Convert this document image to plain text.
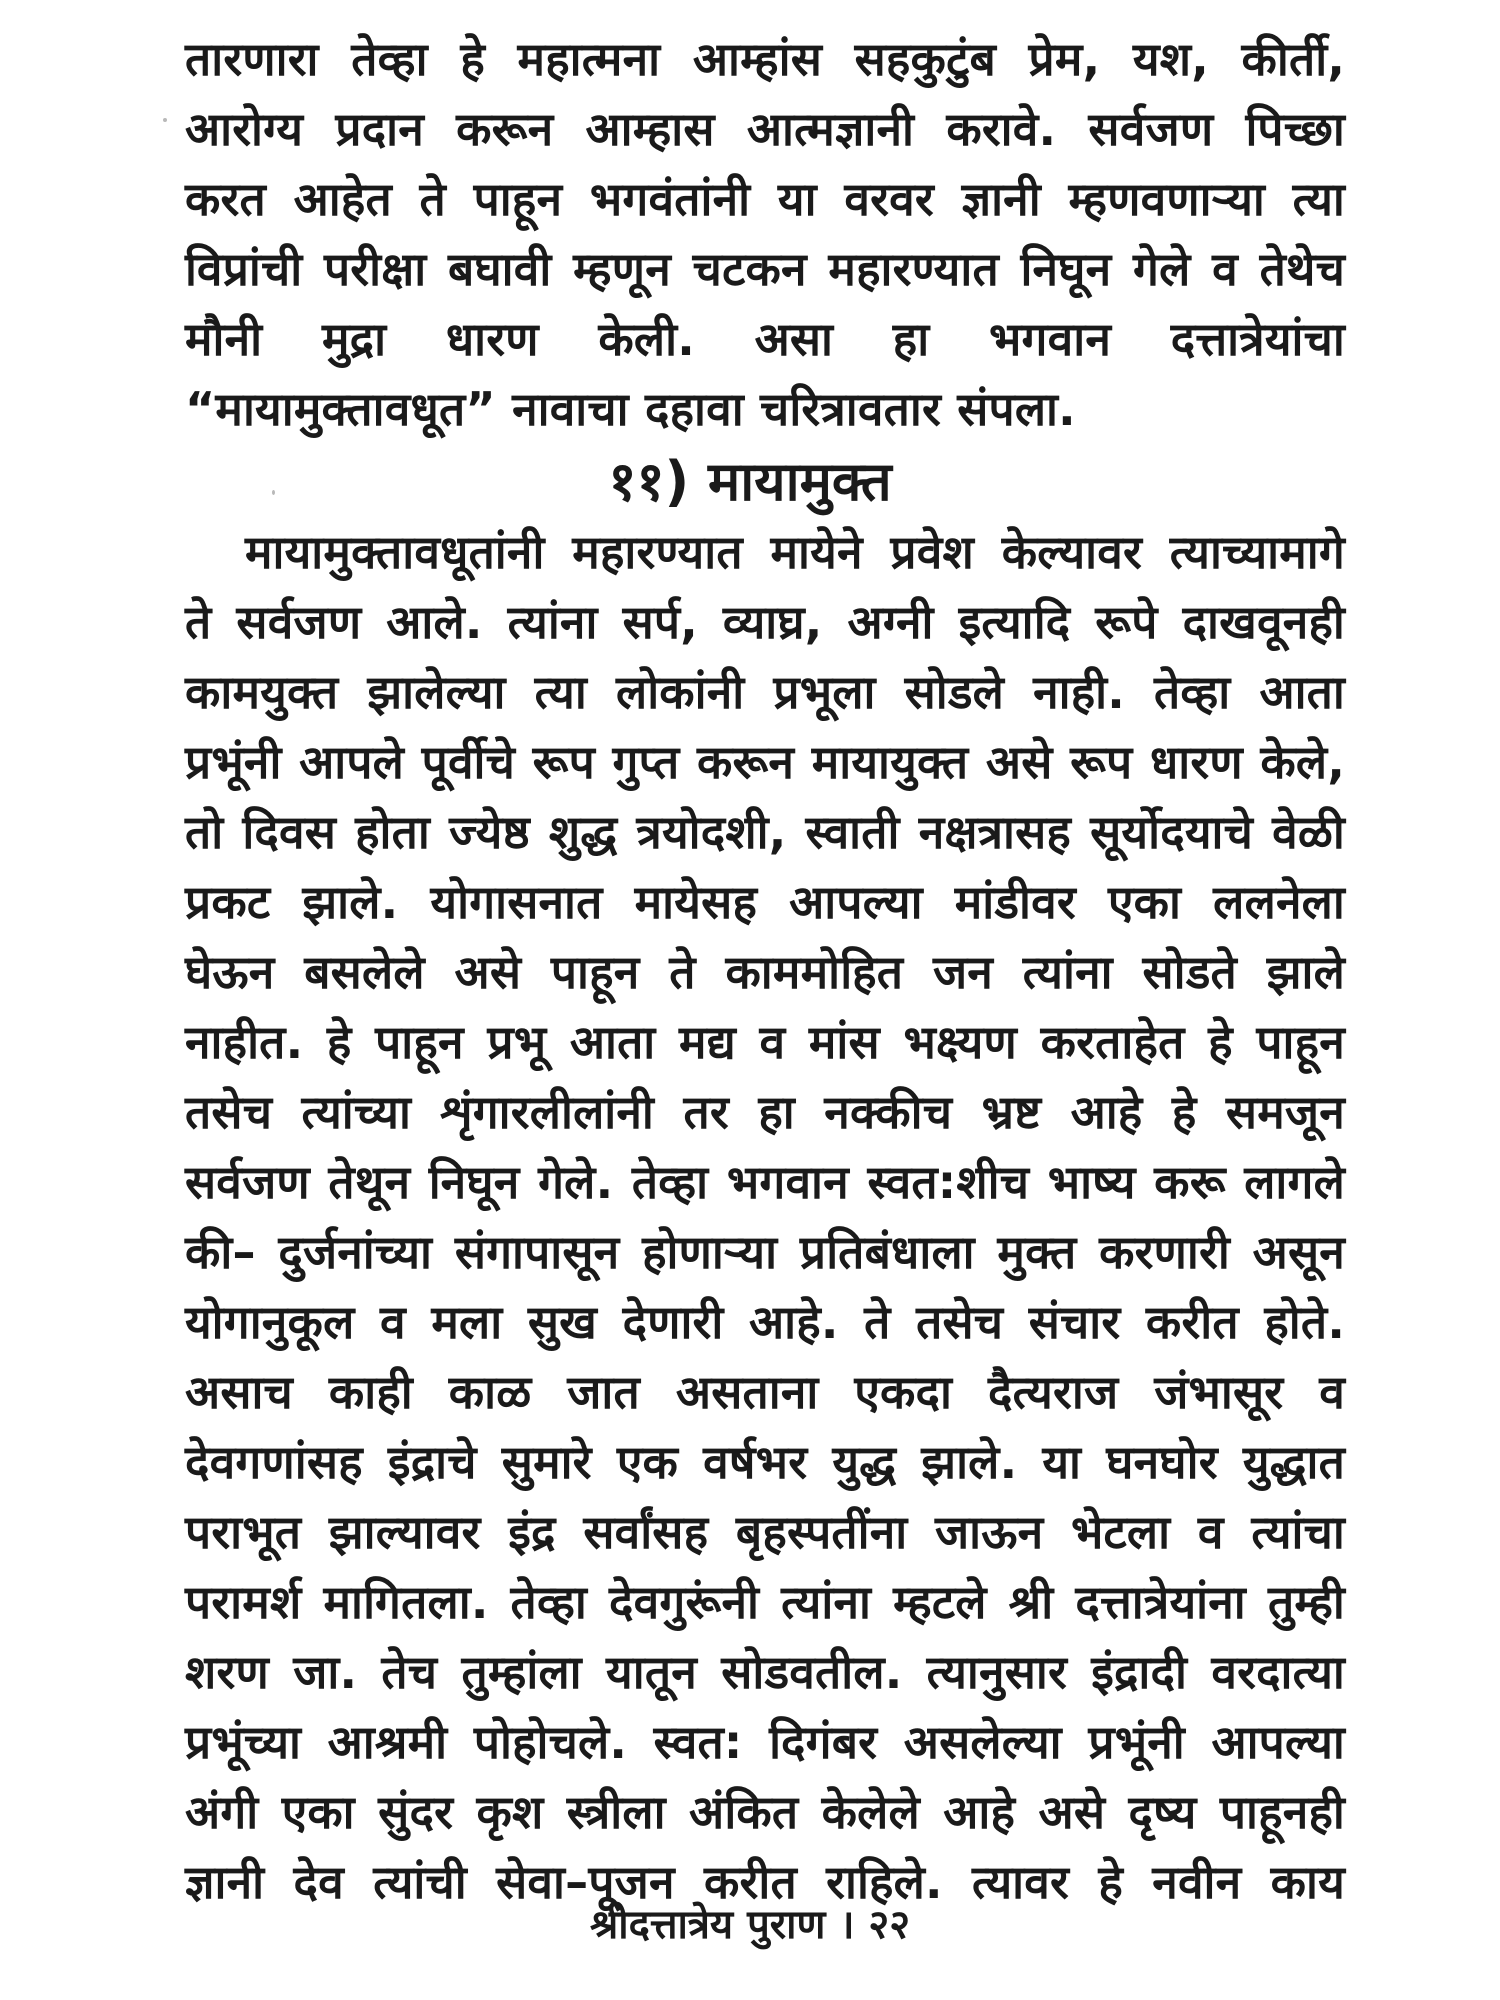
तारणारा तेव्हा हे महात्मना आम्हांस सहकुटुंब प्रेम, यश, कीर्ती,
आरोग्य प्रदान करून आम्हास आत्मज्ञानी करावे. सर्वजण पिच्छा
करत आहेत ते पाहून भगवंतांनी या वरवर ज्ञानी म्हणवणाऱ्या त्या
विप्रांची परीक्षा बघावी म्हणून चटकन महारण्यात निघून गेले व तेथेच
मौनी मुद्रा धारण केली. असा हा भगवान दत्तात्रेयांचा
“मायामुक्तावधूत” नावाचा दहावा चरित्रावतार संपला.
११) मायामुक्त
मायामुक्तावधूतांनी महारण्यात मायेने प्रवेश केल्यावर त्याच्यामागे
ते सर्वजण आले. त्यांना सर्प, व्याघ्र, अग्नी इत्यादि रूपे दाखवूनही
कामयुक्त झालेल्या त्या लोकांनी प्रभूला सोडले नाही. तेव्हा आता
प्रभूंनी आपले पूर्वीचे रूप गुप्त करून मायायुक्त असे रूप धारण केले,
तो दिवस होता ज्येष्ठ शुद्ध त्रयोदशी, स्वाती नक्षत्रासह सूर्योदयाचे वेळी
प्रकट झाले. योगासनात मायेसह आपल्या मांडीवर एका ललनेला
घेऊन बसलेले असे पाहून ते काममोहित जन त्यांना सोडते झाले
नाहीत. हे पाहून प्रभू आता मद्य व मांस भक्ष्यण करताहेत हे पाहून
तसेच त्यांच्या शृंगारलीलांनी तर हा नक्कीच भ्रष्ट आहे हे समजून
सर्वजण तेथून निघून गेले. तेव्हा भगवान स्वत:शीच भाष्य करू लागले
की– दुर्जनांच्या संगापासून होणाऱ्या प्रतिबंधाला मुक्त करणारी असून
योगानुकूल व मला सुख देणारी आहे. ते तसेच संचार करीत होते.
असाच काही काळ जात असताना एकदा दैत्यराज जंभासूर व
देवगणांसह इंद्राचे सुमारे एक वर्षभर युद्ध झाले. या घनघोर युद्धात
पराभूत झाल्यावर इंद्र सर्वांसह बृहस्पतींना जाऊन भेटला व त्यांचा
परामर्श मागितला. तेव्हा देवगुरूंनी त्यांना म्हटले श्री दत्तात्रेयांना तुम्ही
शरण जा. तेच तुम्हांला यातून सोडवतील. त्यानुसार इंद्रादी वरदात्या
प्रभूंच्या आश्रमी पोहोचले. स्वत: दिगंबर असलेल्या प्रभूंनी आपल्या
अंगी एका सुंदर कृश स्त्रीला अंकित केलेले आहे असे दृष्य पाहूनही
ज्ञानी देव त्यांची सेवा–पूजन करीत राहिले. त्यावर हे नवीन काय
श्रीदत्तात्रेय पुराण । २२
